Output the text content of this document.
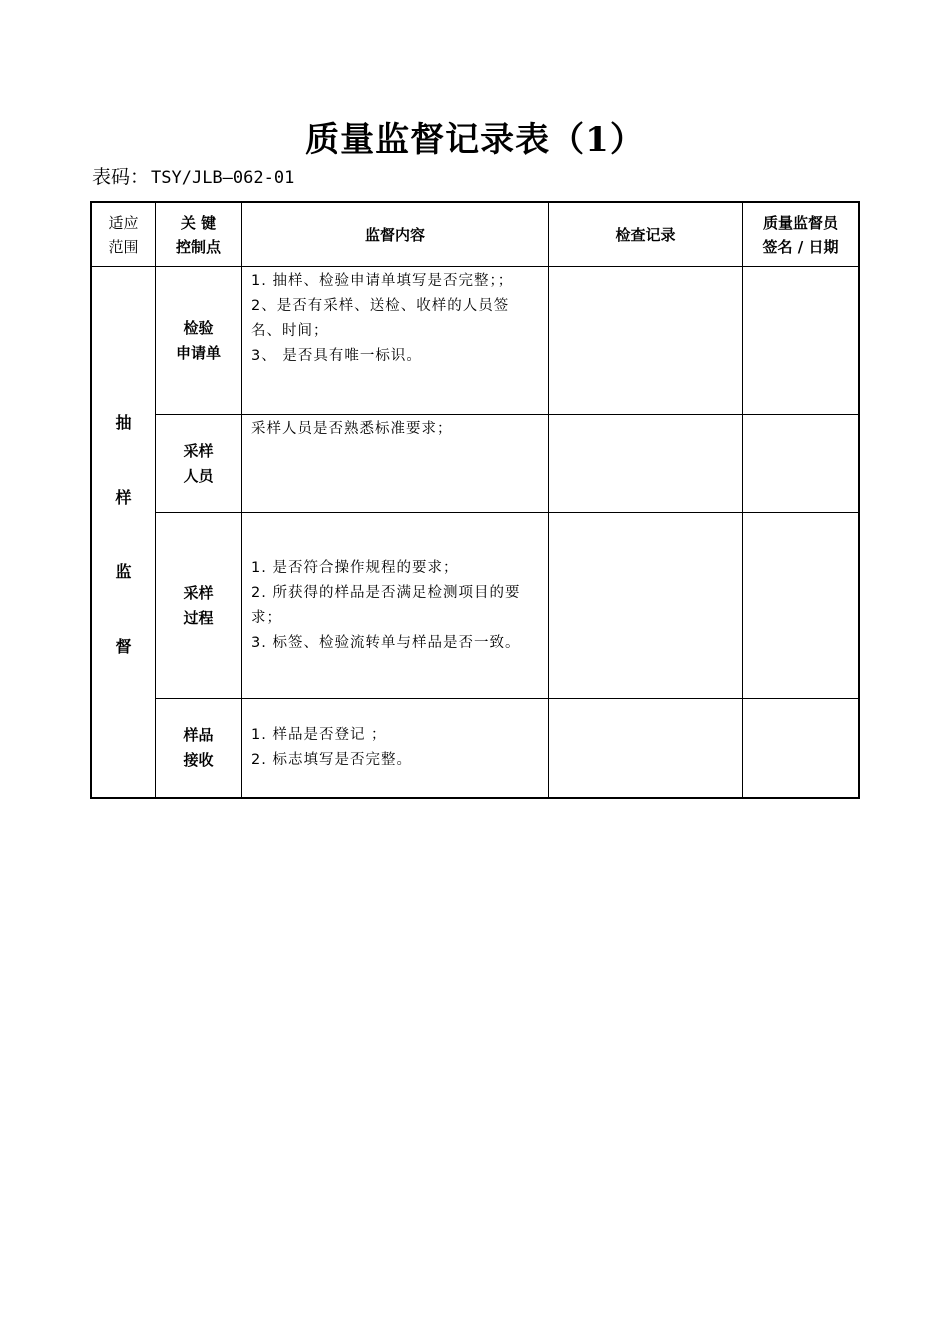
质量监督记录表（1）
表码： TSY/JLB—062-01
适应
范围
关 键
控制点
监督内容	检查记录
质量监督员
签名 / 日期
抽
样
监
督
检验
申请单
1. 抽样、检验申请单填写是否完整；；
2、是否有采样、送检、收样的人员签名、时间；
3、 是否具有唯一标识。
采样
人员
采样人员是否熟悉标准要求；
采样
过程
1. 是否符合操作规程的要求；
2. 所获得的样品是否满足检测项目的要求；
3. 标签、检验流转单与样品是否一致。
样品
接收
1. 样品是否登记 ；
2. 标志填写是否完整。
